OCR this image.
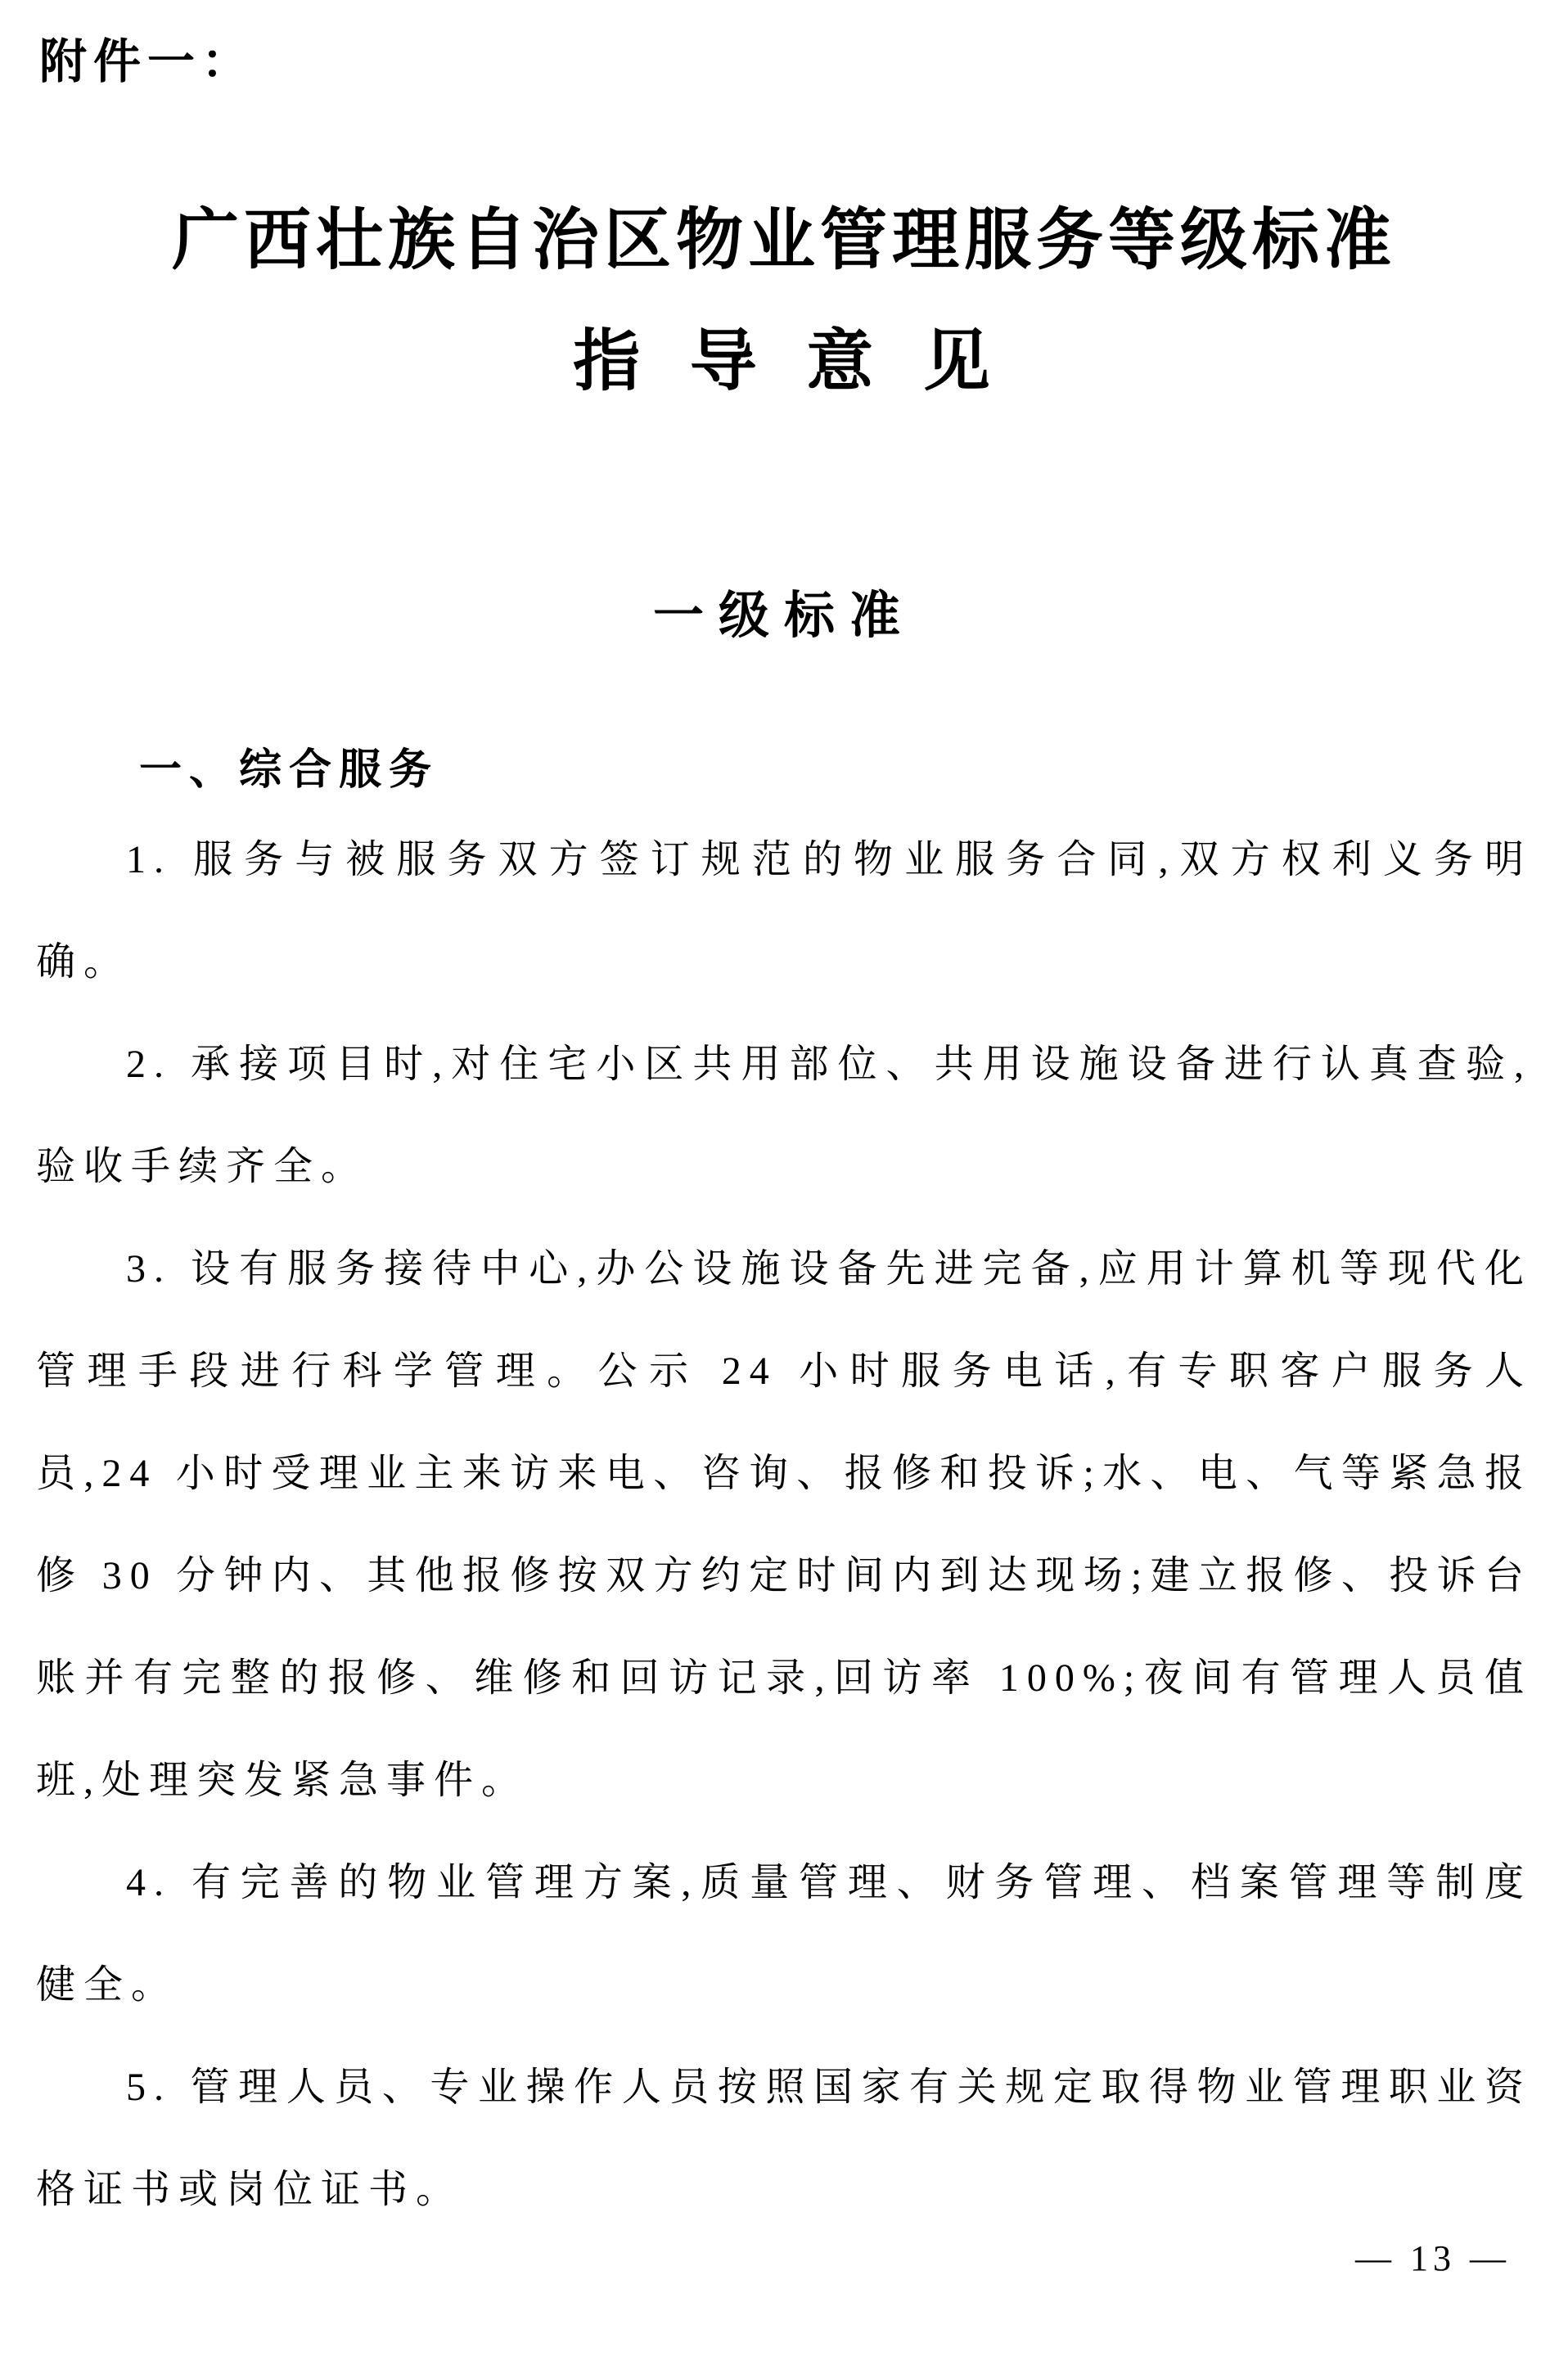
附件一：
广西壮族自治区物业管理服务等级标准
指 导 意 见
一级标准
一、综合服务

1. 服务与被服务双方签订规范的物业服务合同,双方权利义务明确。

2. 承接项目时,对住宅小区共用部位、共用设施设备进行认真查验,验收手续齐全。

3. 设有服务接待中心,办公设施设备先进完备,应用计算机等现代化管理手段进行科学管理。公示 24 小时服务电话,有专职客户服务人员,24 小时受理业主来访来电、咨询、报修和投诉;水、电、气等紧急报修 30 分钟内、其他报修按双方约定时间内到达现场;建立报修、投诉台账并有完整的报修、维修和回访记录,回访率 100%;夜间有管理人员值班,处理突发紧急事件。

4. 有完善的物业管理方案,质量管理、财务管理、档案管理等制度健全。

5. 管理人员、专业操作人员按照国家有关规定取得物业管理职业资格证书或岗位证书。

— 13 —
